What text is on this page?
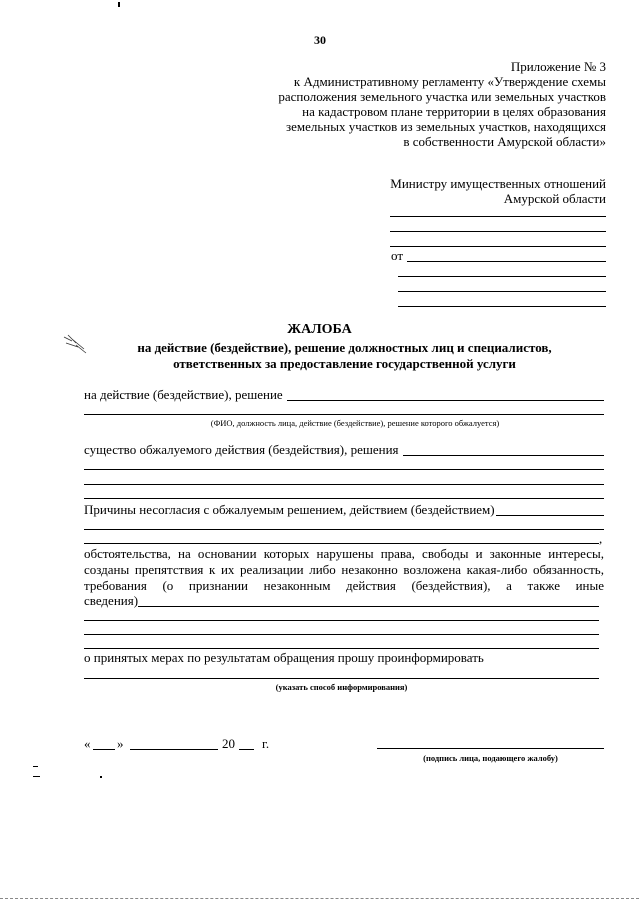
30
Приложение № 3
к Административному регламенту «Утверждение схемы
расположения земельного участка или земельных участков
на кадастровом плане территории в целях образования
земельных участков из земельных участков, находящихся
в собственности Амурской области»
Министру имущественных отношений
Амурской области
от
ЖАЛОБА
на действие (бездействие), решение должностных лиц и специалистов,
ответственных за предоставление государственной услуги
на действие (бездействие), решение
(ФИО, должность лица, действие (бездействие), решение которого обжалуется)
существо обжалуемого действия (бездействия), решения
Причины несогласия с обжалуемым решением, действием (бездействием)
,
обстоятельства, на основании которых нарушены права, свободы и законные интересы,
созданы препятствия к их реализации либо незаконно возложена какая-либо обязанность,
требования (о признании незаконным действия (бездействия), а также иные
сведения)
о принятых мерах по результатам обращения прошу проинформировать
(указать способ информирования)
« »	20 г.
(подпись лица, подающего жалобу)
